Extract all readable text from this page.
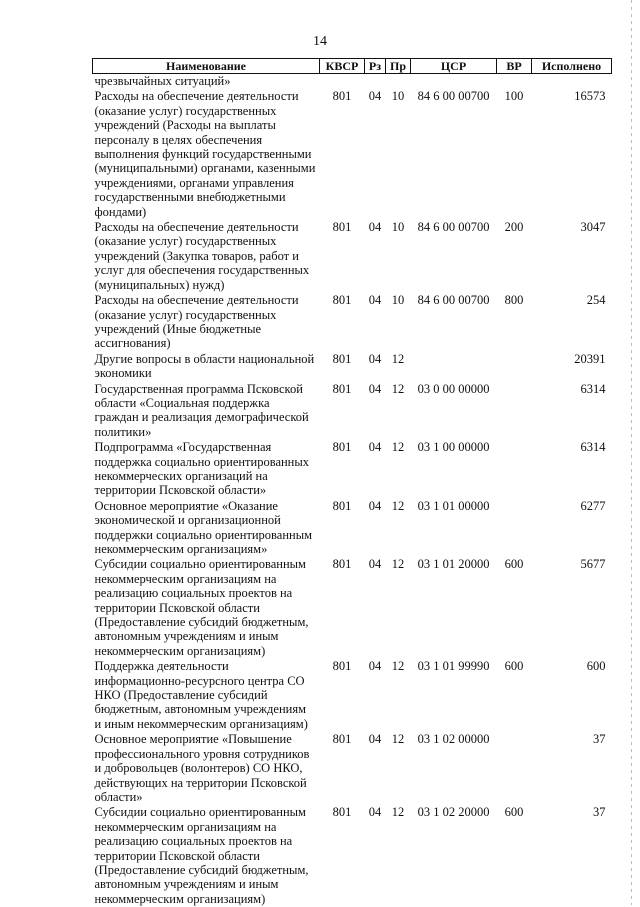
14
Наименование	КВСР	Рз	Пр	ЦСР	ВР	Исполнено
чрезвычайных ситуаций»						
Расходы на обеспечение деятельности (оказание услуг) государственных учреждений (Расходы на выплаты персоналу в целях обеспечения выполнения функций государственными (муниципальными) органами, казенными учреждениями, органами управления государственными внебюджетными фондами)	801	04	10	84 6 00 00700	100	16573
Расходы на обеспечение деятельности (оказание услуг) государственных учреждений (Закупка товаров, работ и услуг для обеспечения государственных (муниципальных) нужд)	801	04	10	84 6 00 00700	200	3047
Расходы на обеспечение деятельности (оказание услуг) государственных учреждений (Иные бюджетные ассигнования)	801	04	10	84 6 00 00700	800	254
Другие вопросы в области национальной экономики	801	04	12			20391
Государственная программа Псковской области «Социальная поддержка граждан и реализация демографической политики»	801	04	12	03 0 00 00000		6314
Подпрограмма «Государственная поддержка социально ориентированных некоммерческих организаций на территории Псковской области»	801	04	12	03 1 00 00000		6314
Основное мероприятие «Оказание экономической и организационной поддержки социально ориентированным некоммерческим организациям»	801	04	12	03 1 01 00000		6277
Субсидии социально ориентированным некоммерческим организациям на реализацию социальных проектов на территории Псковской области (Предоставление субсидий бюджетным, автономным учреждениям и иным некоммерческим организациям)	801	04	12	03 1 01 20000	600	5677
Поддержка деятельности информационно-ресурсного центра СО НКО (Предоставление субсидий бюджетным, автономным учреждениям и иным некоммерческим организациям)	801	04	12	03 1 01 99990	600	600
Основное мероприятие «Повышение профессионального уровня сотрудников и добровольцев (волонтеров) СО НКО, действующих на территории Псковской области»	801	04	12	03 1 02 00000		37
Субсидии социально ориентированным некоммерческим организациям на реализацию социальных проектов на территории Псковской области (Предоставление субсидий бюджетным, автономным учреждениям и иным некоммерческим организациям)	801	04	12	03 1 02 20000	600	37
